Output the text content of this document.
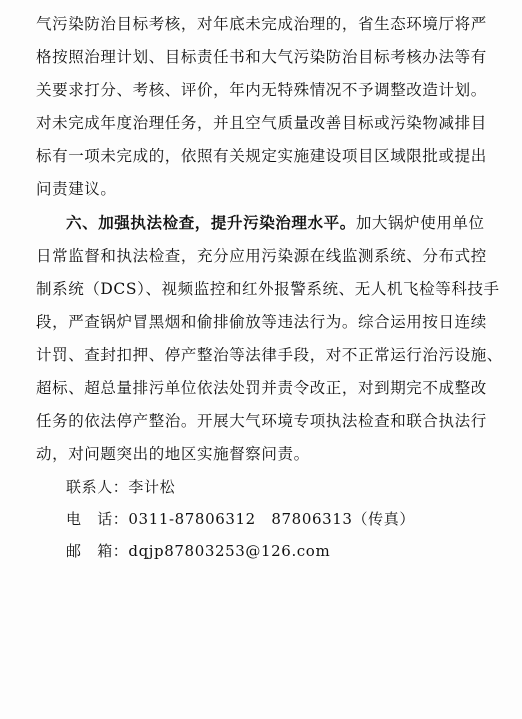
气污染防治目标考核，对年底未完成治理的，省生态环境厅将严
格按照治理计划、目标责任书和大气污染防治目标考核办法等有
关要求打分、考核、评价，年内无特殊情况不予调整改造计划。
对未完成年度治理任务，并且空气质量改善目标或污染物减排目
标有一项未完成的，依照有关规定实施建设项目区域限批或提出
问责建议。
六、加强执法检查，提升污染治理水平。加大锅炉使用单位
日常监督和执法检查，充分应用污染源在线监测系统、分布式控
制系统（DCS）、视频监控和红外报警系统、无人机飞检等科技手
段，严查锅炉冒黑烟和偷排偷放等违法行为。综合运用按日连续
计罚、查封扣押、停产整治等法律手段，对不正常运行治污设施、
超标、超总量排污单位依法处罚并责令改正，对到期完不成整改
任务的依法停产整治。开展大气环境专项执法检查和联合执法行
动，对问题突出的地区实施督察问责。
联系人：李计松
电　话：0311-87806312　87806313（传真）
邮　箱：dqjp87803253@126.com
